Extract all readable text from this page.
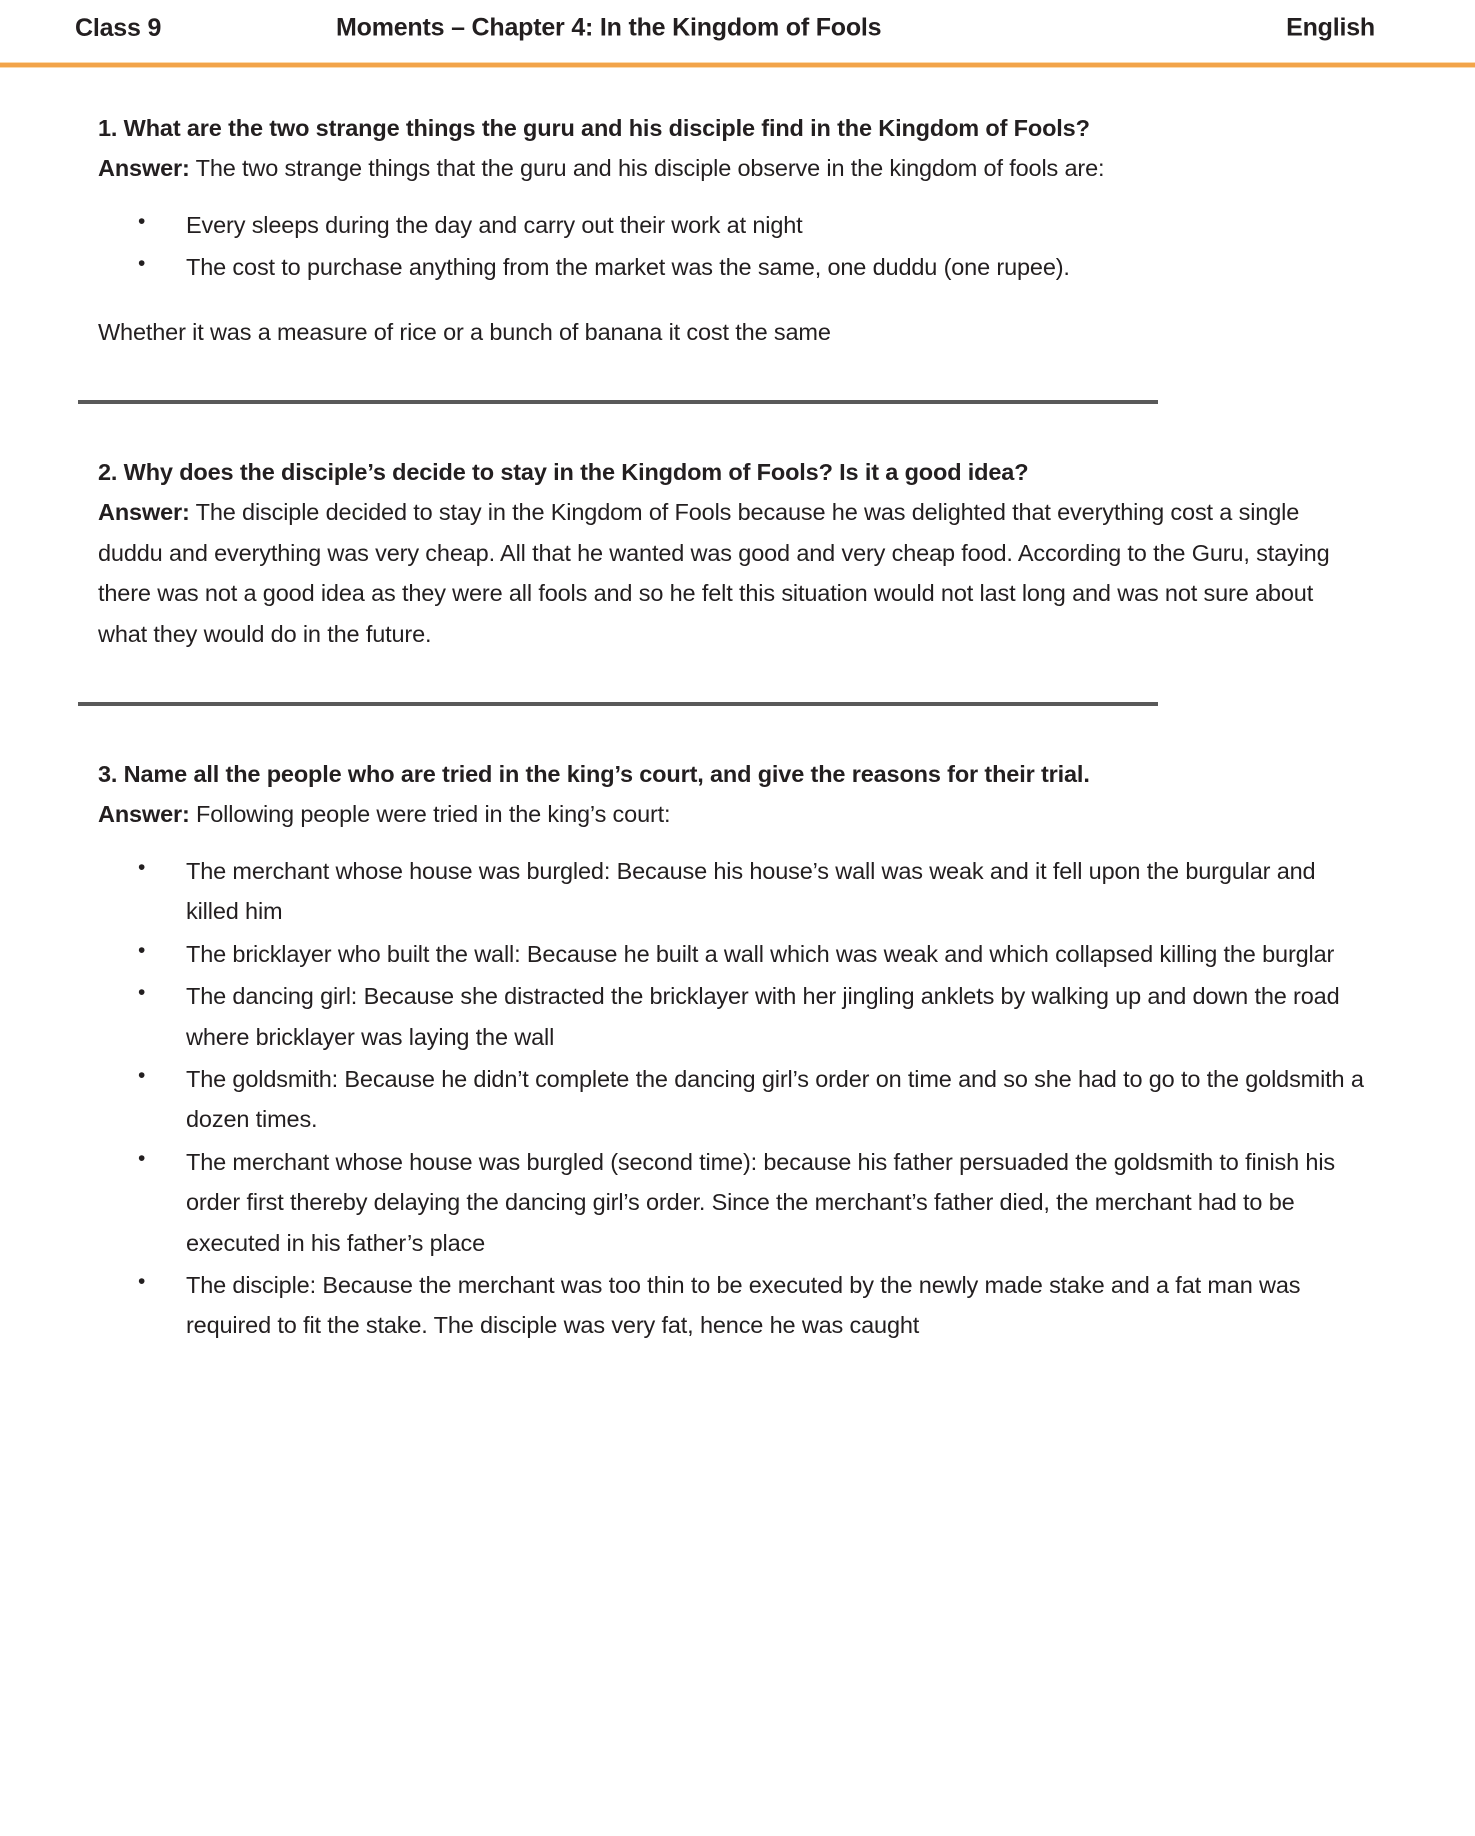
Class 9	Moments – Chapter 4: In the Kingdom of Fools	English

1. What are the two strange things the guru and his disciple find in the Kingdom of Fools?

Answer: The two strange things that the guru and his disciple observe in the kingdom of fools are:

• Every sleeps during the day and carry out their work at night
• The cost to purchase anything from the market was the same, one duddu (one rupee).

Whether it was a measure of rice or a bunch of banana it cost the same

2. Why does the disciple’s decide to stay in the Kingdom of Fools? Is it a good idea?

Answer: The disciple decided to stay in the Kingdom of Fools because he was delighted that everything cost a single duddu and everything was very cheap. All that he wanted was good and very cheap food. According to the Guru, staying there was not a good idea as they were all fools and so he felt this situation would not last long and was not sure about what they would do in the future.

3. Name all the people who are tried in the king’s court, and give the reasons for their trial.

Answer: Following people were tried in the king’s court:

• The merchant whose house was burgled: Because his house’s wall was weak and it fell upon the burgular and killed him
• The bricklayer who built the wall: Because he built a wall which was weak and which collapsed killing the burglar
• The dancing girl: Because she distracted the bricklayer with her jingling anklets by walking up and down the road where bricklayer was laying the wall
• The goldsmith: Because he didn’t complete the dancing girl’s order on time and so she had to go to the goldsmith a dozen times.
• The merchant whose house was burgled (second time): because his father persuaded the goldsmith to finish his order first thereby delaying the dancing girl’s order. Since the merchant’s father died, the merchant had to be executed in his father’s place
• The disciple: Because the merchant was too thin to be executed by the newly made stake and a fat man was required to fit the stake. The disciple was very fat, hence he was caught
